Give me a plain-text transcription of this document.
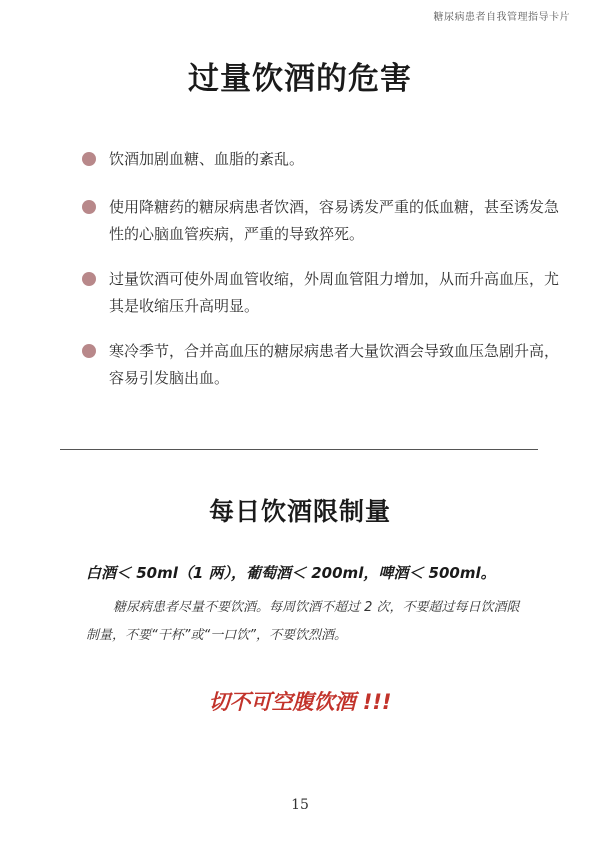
糖尿病患者自我管理指导卡片
过量饮酒的危害
饮酒加剧血糖、血脂的紊乱。
使用降糖药的糖尿病患者饮酒，容易诱发严重的低血糖，甚至诱发急性的心脑血管疾病，严重的导致猝死。
过量饮酒可使外周血管收缩，外周血管阻力增加，从而升高血压，尤其是收缩压升高明显。
寒冷季节，合并高血压的糖尿病患者大量饮酒会导致血压急剧升高，容易引发脑出血。
每日饮酒限制量
白酒＜ 50ml（1 两），葡萄酒＜ 200ml，啤酒＜ 500ml。
糖尿病患者尽量不要饮酒。每周饮酒不超过 2 次，不要超过每日饮酒限制量，不要“干杯”或“一口饮”，不要饮烈酒。
切不可空腹饮酒 !!!
15
